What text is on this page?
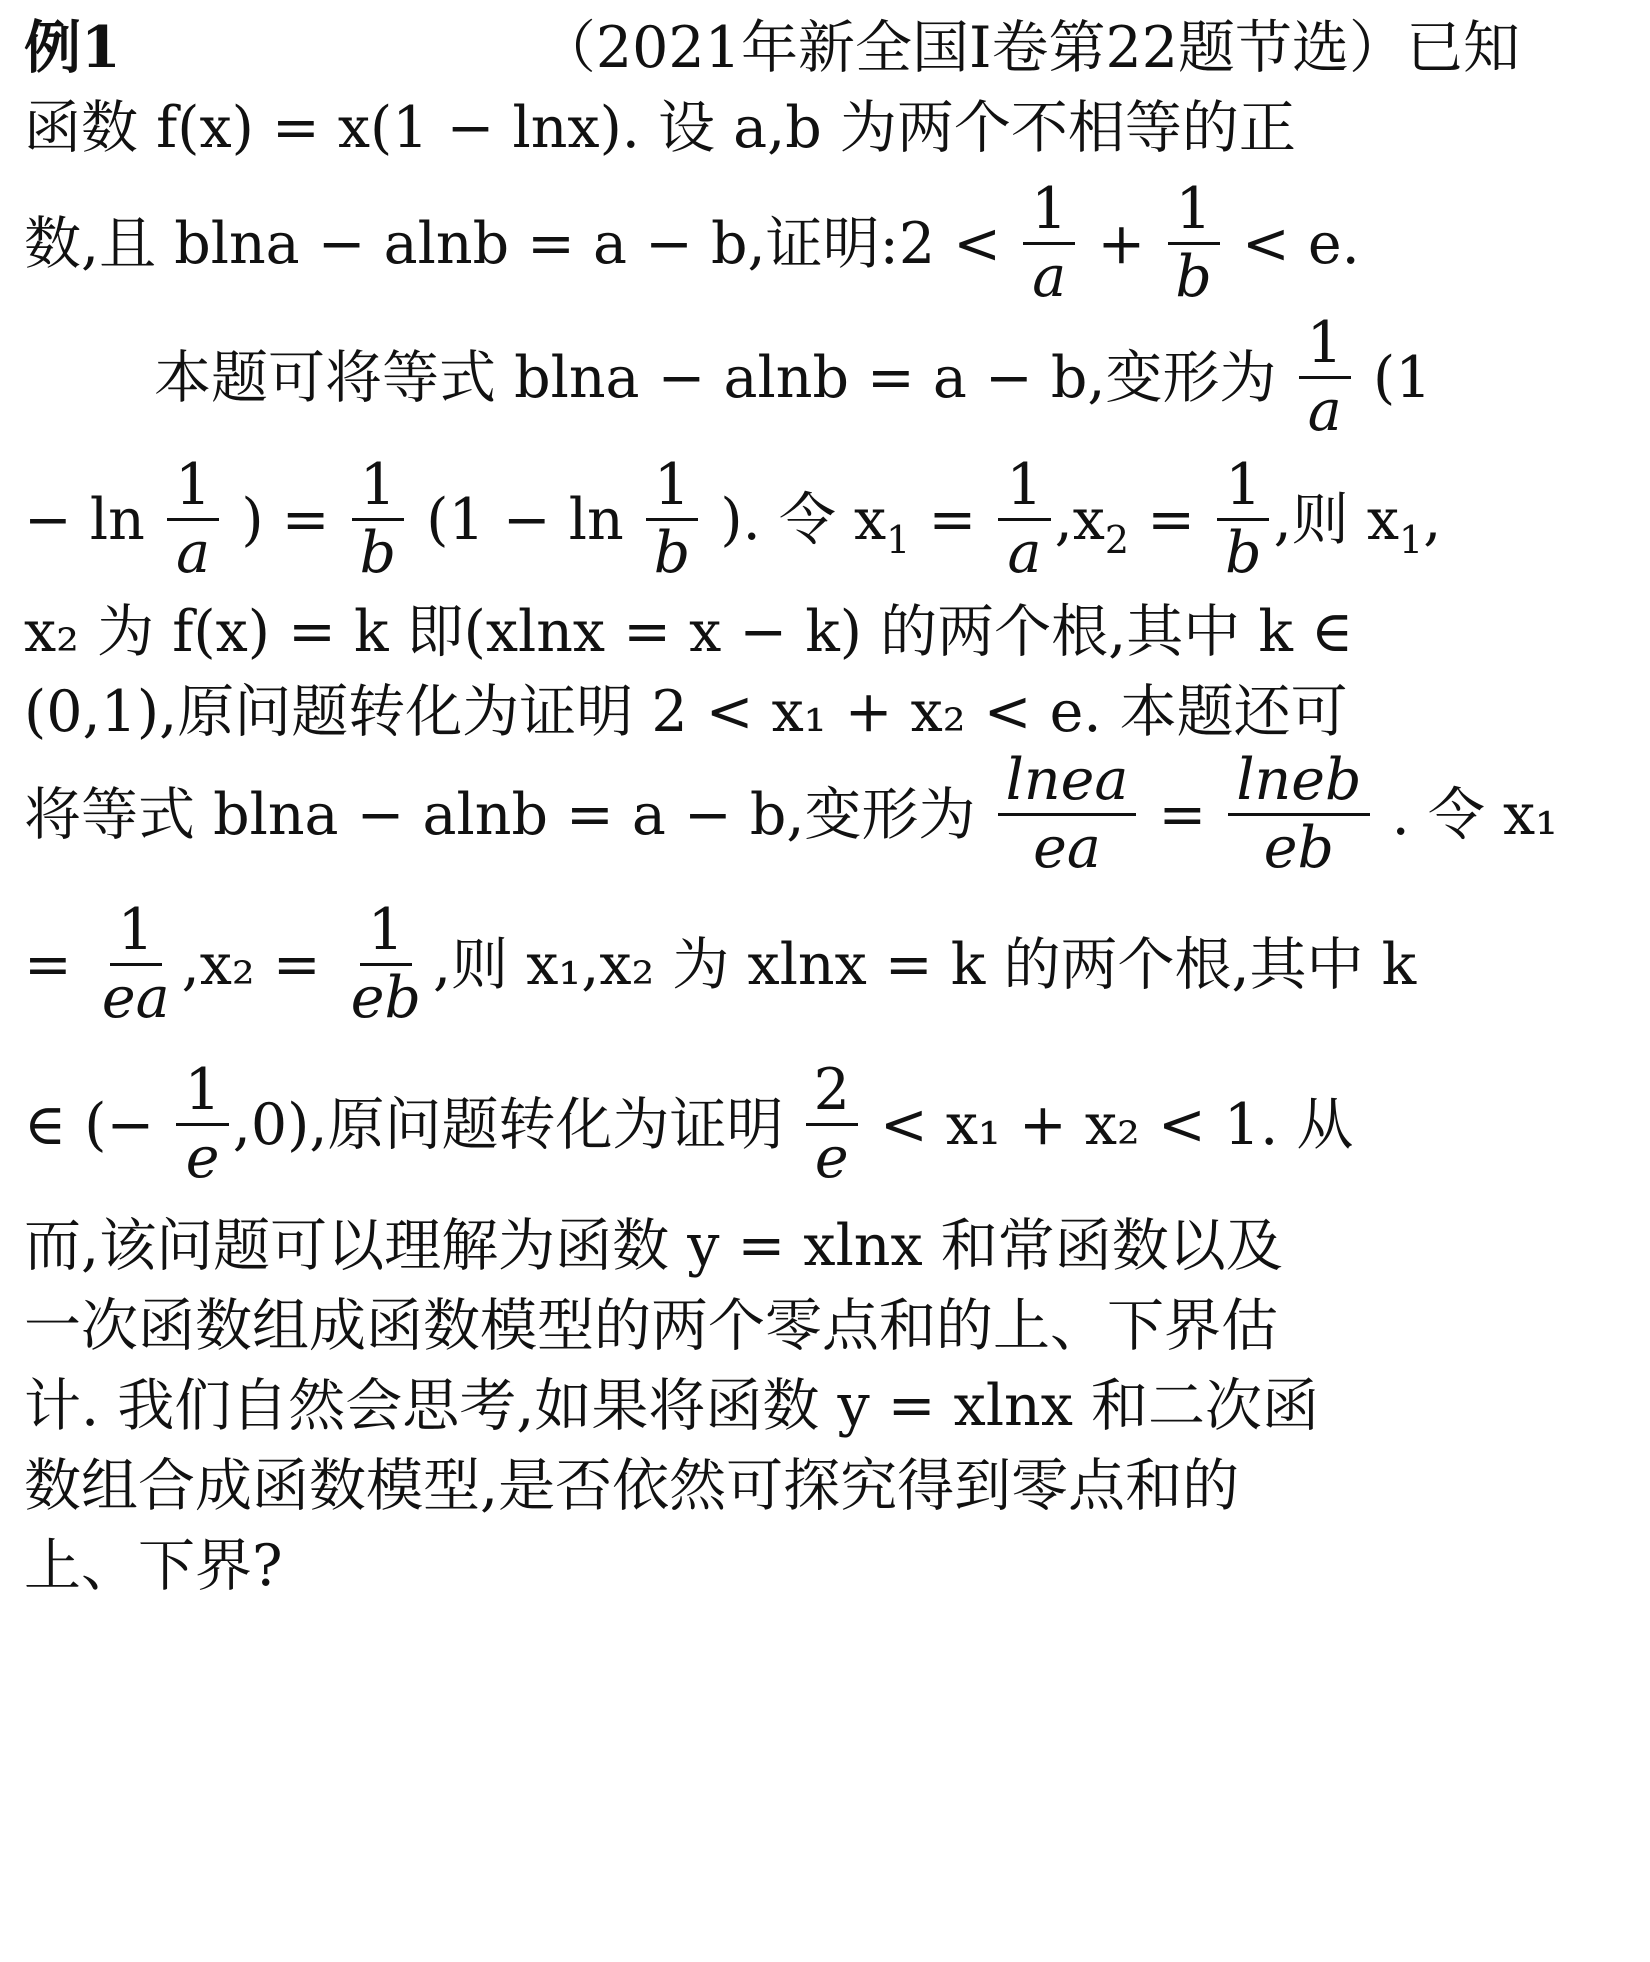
例1	（2021年新全国Ⅰ卷第22题节选）已知
函数 f(x) = x(1 − lnx). 设 a,b 为两个不相等的正
数,且 blna − alnb = a − b,证明:2 < $\frac{1}{a} + \frac{1}{b} < e$.
本题可将等式 blna − alnb = a − b,变形为 $\frac{1}{a} (1$
− $\ln \frac{1}{a}$ ) = $\frac{1}{b} (1 - \ln \frac{1}{b}$ ). 令 $x_1 = \frac{1}{a} ,x_2 = \frac{1}{b}$ ,则 $x_1$,
x₂ 为 f(x) = k 即(xlnx = x − k) 的两个根,其中 k ∈
(0,1),原问题转化为证明 2 < x₁ + x₂ < e. 本题还可
将等式 blna − alnb = a − b,变形为 $\frac{\text{lnea}}{ea} = \frac{\text{lneb}}{eb}$ . 令 x₁
= $\frac{1}{ea} ,x_2 = \frac{1}{eb}$ ,则 x₁,x₂ 为 xlnx = k 的两个根,其中 k
∈ (− $\frac{1}{e} ,0$),原问题转化为证明 $\frac{2}{e} < x_1 + x_2 < 1$. 从
而,该问题可以理解为函数 y = xlnx 和常函数以及
一次函数组成函数模型的两个零点和的上、下界估
计. 我们自然会思考,如果将函数 y = xlnx 和二次函
数组合成函数模型,是否依然可探究得到零点和的
上、下界?
